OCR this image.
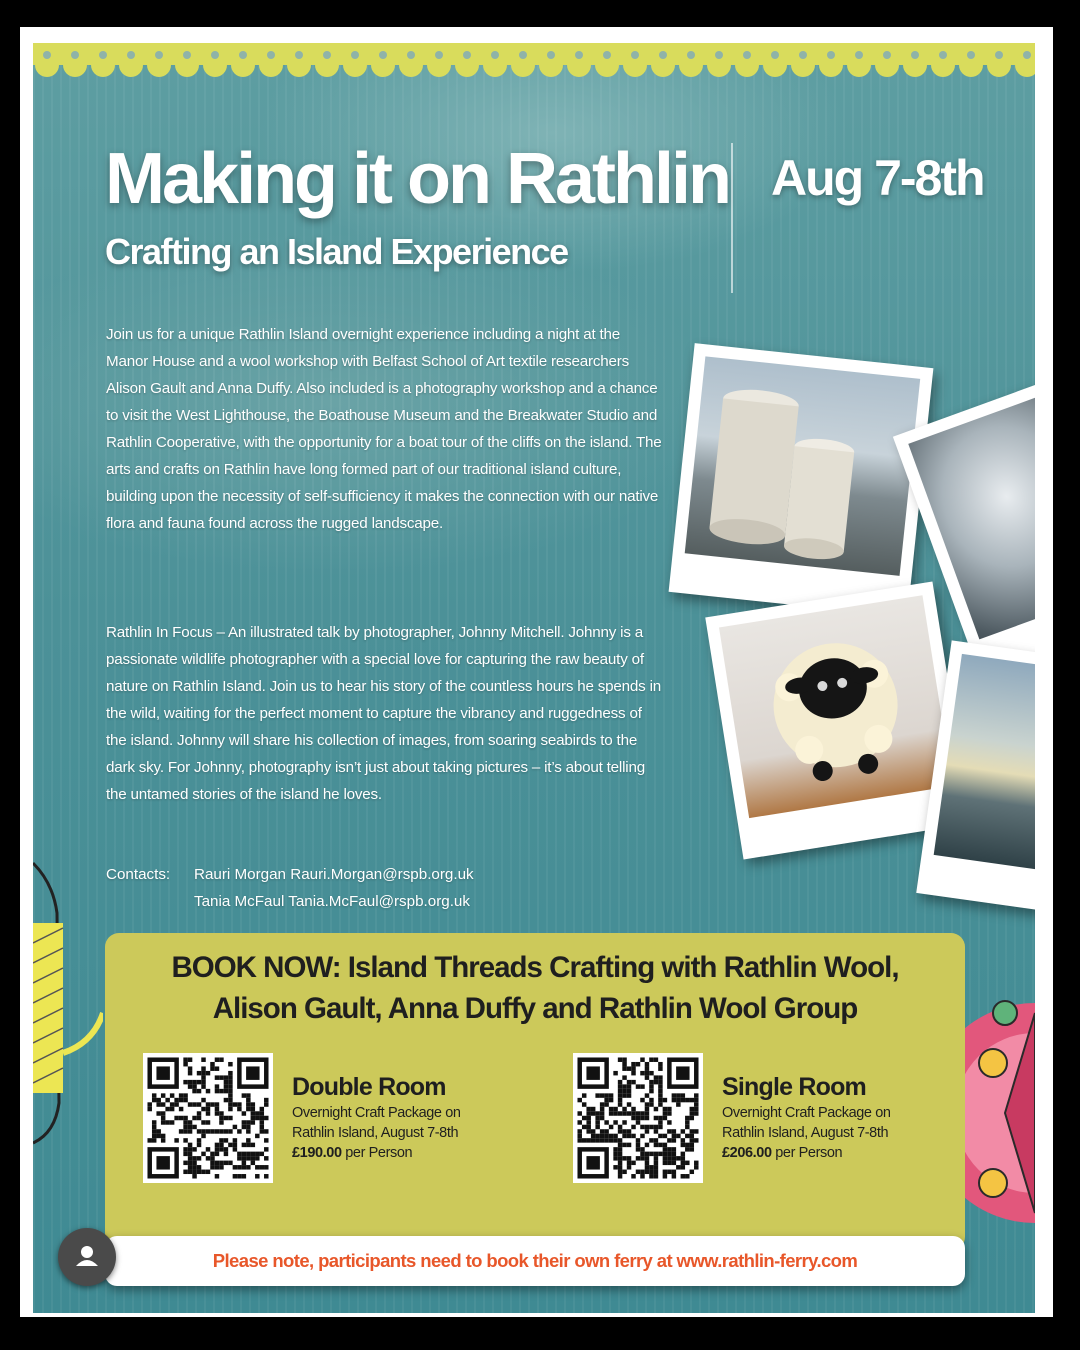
Making it on Rathlin
Crafting an Island Experience
Aug 7-8th
Join us for a unique Rathlin Island overnight experience including a night at the Manor House and a wool workshop with Belfast School of Art textile researchers Alison Gault and Anna Duffy. Also included is a photography workshop and a chance to visit the West Lighthouse, the Boathouse Museum and the Breakwater Studio and Rathlin Cooperative, with the opportunity for a boat tour of the cliffs on the island. The arts and crafts on Rathlin have long formed part of our traditional island culture, building upon the necessity of self-sufficiency it makes the connection with our native flora and fauna found across the rugged landscape.
Rathlin In Focus – An illustrated talk by photographer, Johnny Mitchell. Johnny is a passionate wildlife photographer with a special love for capturing the raw beauty of nature on Rathlin Island. Join us to hear his story of the countless hours he spends in the wild, waiting for the perfect moment to capture the vibrancy and ruggedness of the island. Johnny will share his collection of images, from soaring seabirds to the dark sky. For Johnny, photography isn’t just about taking pictures – it’s about telling the untamed stories of the island he loves.
Contacts: Rauri Morgan Rauri.Morgan@rspb.org.uk
Tania McFaul Tania.McFaul@rspb.org.uk
BOOK NOW: Island Threads Crafting with Rathlin Wool,
Alison Gault, Anna Duffy and Rathlin Wool Group
Double Room
Overnight Craft Package on
Rathlin Island, August 7-8th
£190.00 per Person
Single Room
Overnight Craft Package on
Rathlin Island, August 7-8th
£206.00 per Person
Please note, participants need to book their own ferry at www.rathlin-ferry.com
